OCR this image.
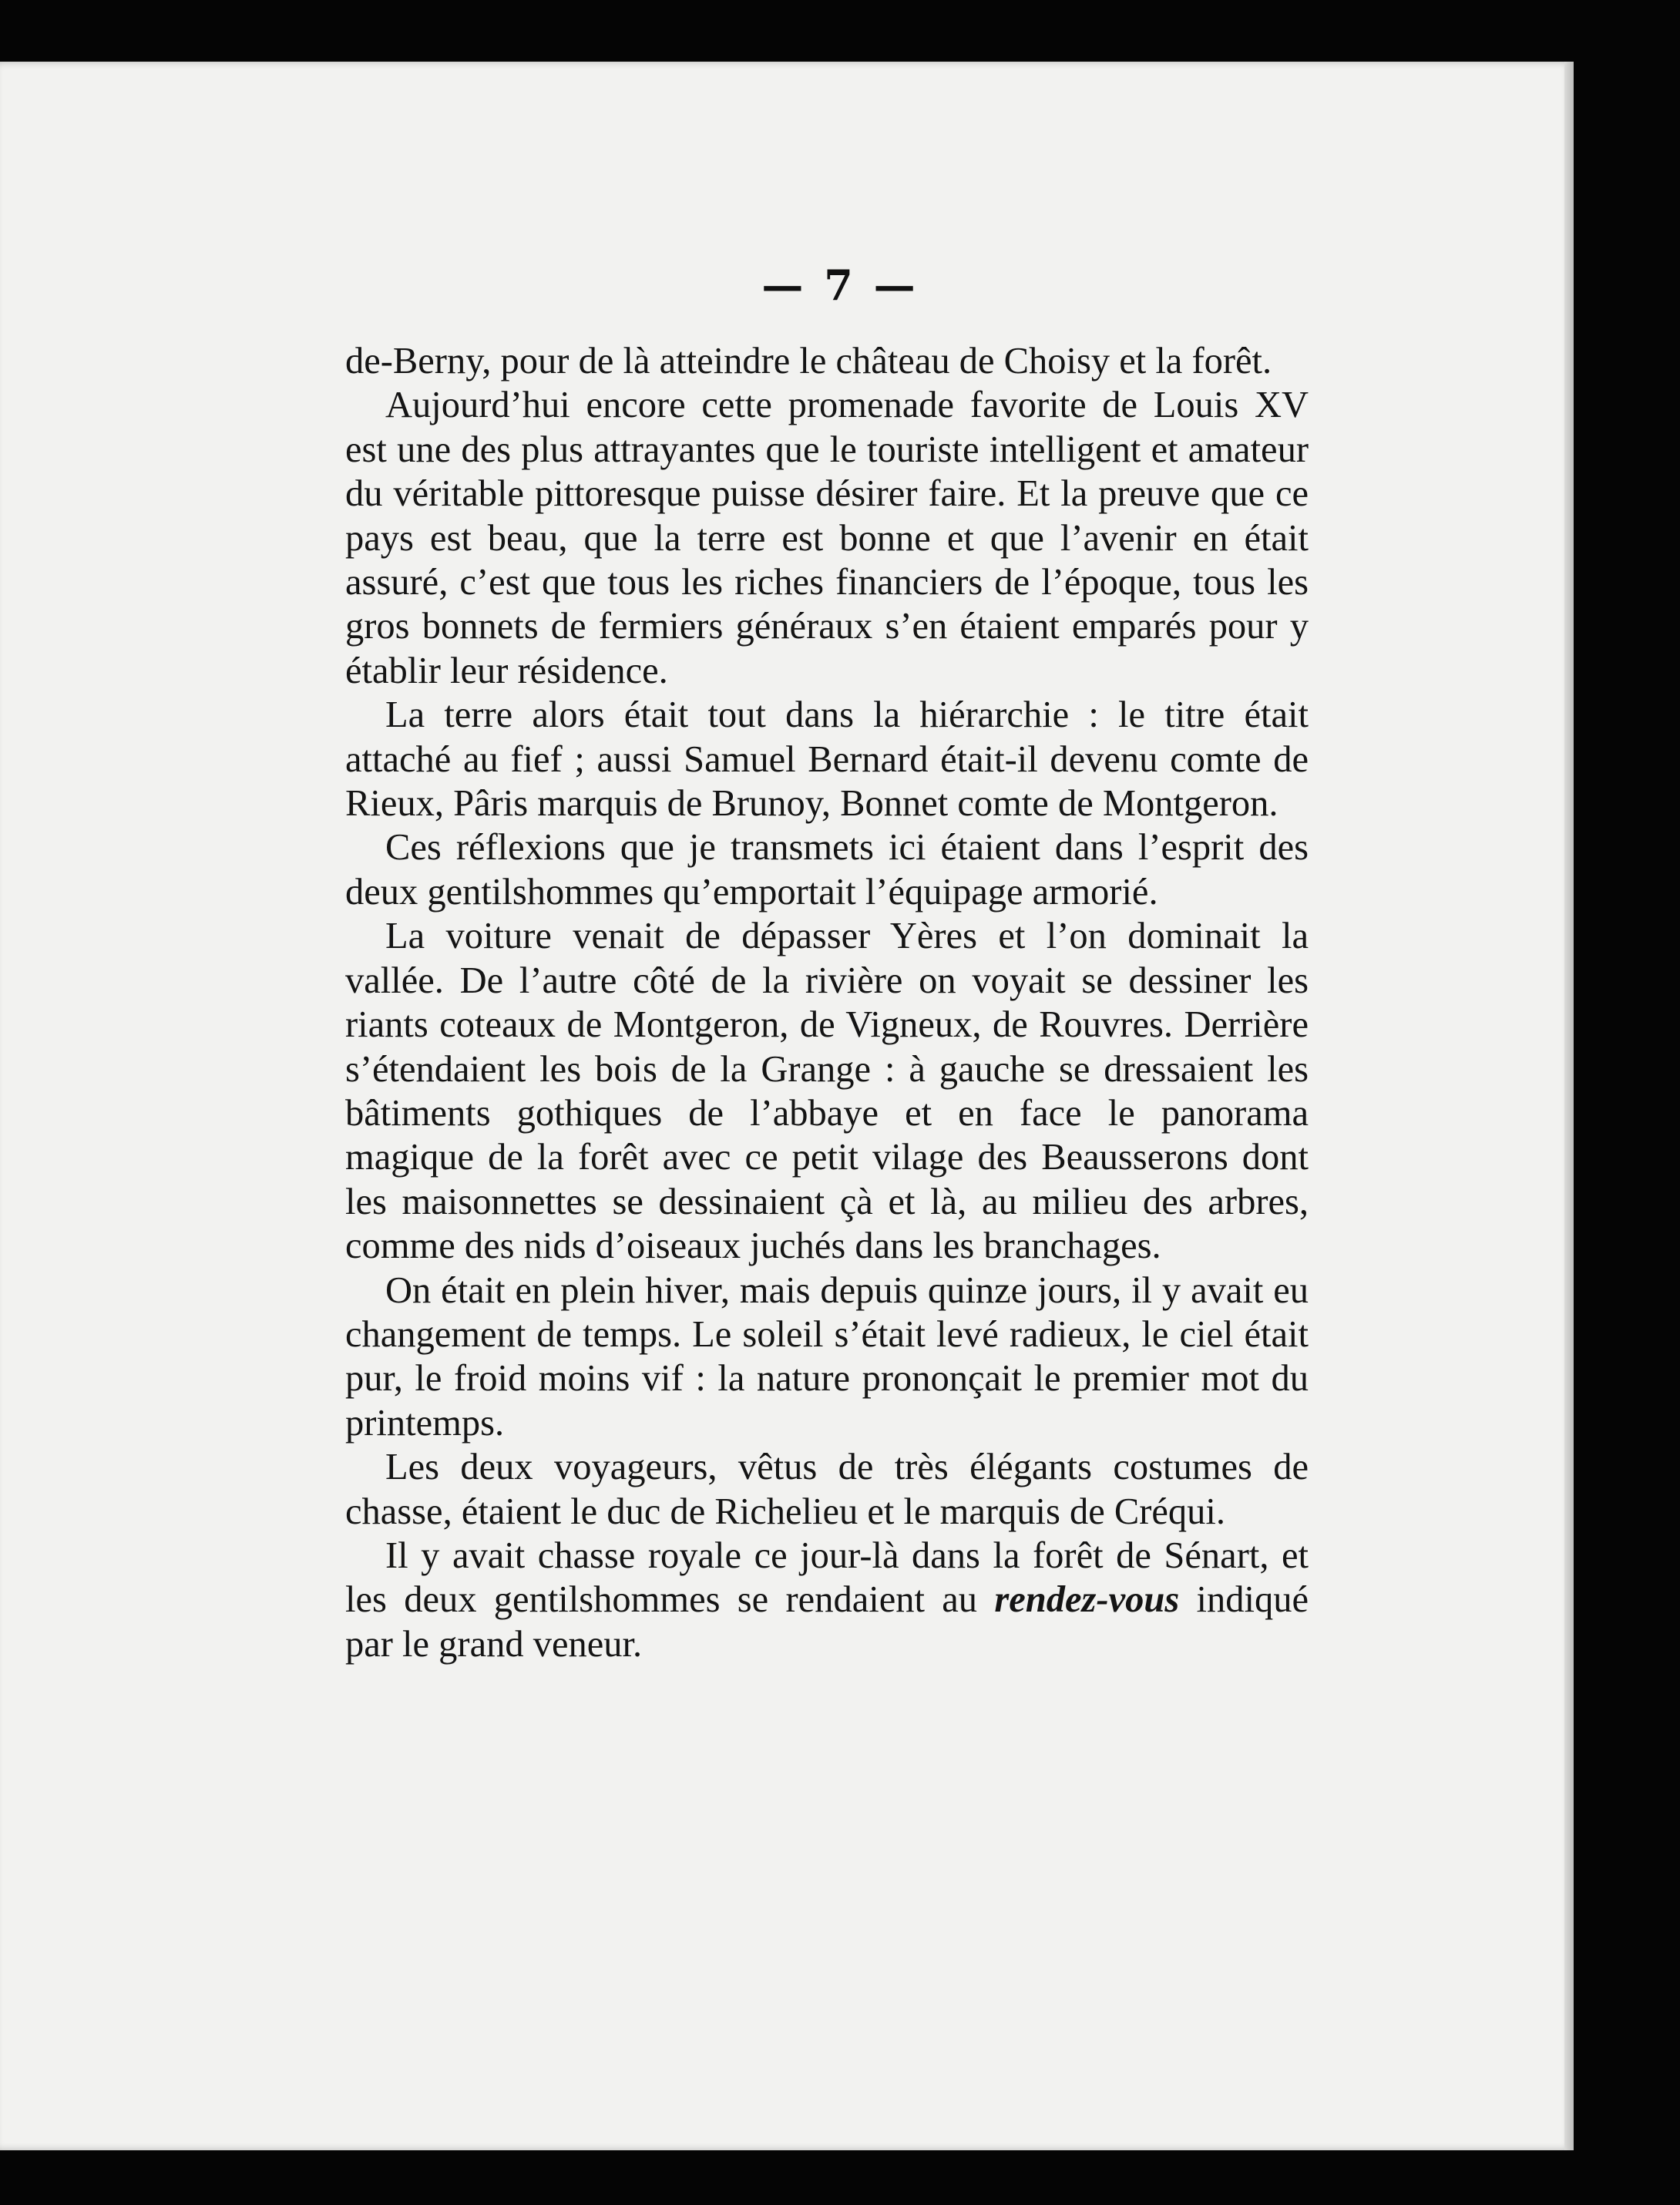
— 7 —

de-Berny, pour de là atteindre le château de Choisy et la forêt.

Aujourd’hui encore cette promenade favorite de Louis XV est une des plus attrayantes que le touriste intelligent et amateur du véritable pittoresque puisse désirer faire. Et la preuve que ce pays est beau, que la terre est bonne et que l’avenir en était assuré, c’est que tous les riches financiers de l’époque, tous les gros bonnets de fermiers généraux s’en étaient emparés pour y établir leur résidence.

La terre alors était tout dans la hiérarchie : le titre était attaché au fief ; aussi Samuel Bernard était-il devenu comte de Rieux, Pâris marquis de Brunoy, Bonnet comte de Montgeron.

Ces réflexions que je transmets ici étaient dans l’esprit des deux gentilshommes qu’emportait l’équipage armorié.

La voiture venait de dépasser Yères et l’on dominait la vallée. De l’autre côté de la rivière on voyait se dessiner les riants coteaux de Montgeron, de Vigneux, de Rouvres. Derrière s’étendaient les bois de la Grange : à gauche se dressaient les bâtiments gothiques de l’abbaye et en face le panorama magique de la forêt avec ce petit vilage des Beausserons dont les maisonnettes se dessinaient çà et là, au milieu des arbres, comme des nids d’oiseaux juchés dans les branchages.

On était en plein hiver, mais depuis quinze jours, il y avait eu changement de temps. Le soleil s’était levé radieux, le ciel était pur, le froid moins vif : la nature prononçait le premier mot du printemps.

Les deux voyageurs, vêtus de très élégants costumes de chasse, étaient le duc de Richelieu et le marquis de Créqui.

Il y avait chasse royale ce jour-là dans la forêt de Sénart, et les deux gentilshommes se rendaient au rendez-vous indiqué par le grand veneur.
